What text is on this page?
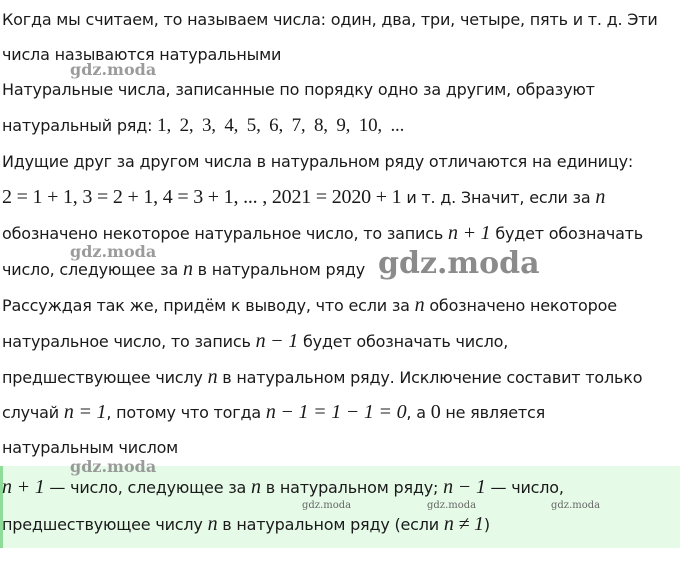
Когда мы считаем, то называем числа: один, два, три, четыре, пять и т. д. Эти
числа называются натуральными
Натуральные числа, записанные по порядку одно за другим, образуют
натуральный ряд: 1, 2, 3, 4, 5, 6, 7, 8, 9, 10, ...
Идущие друг за другом числа в натуральном ряду отличаются на единицу:
2 = 1 + 1, 3 = 2 + 1, 4 = 3 + 1, ... , 2021 = 2020 + 1 и т. д. Значит, если за n
обозначено некоторое натуральное число, то запись n + 1 будет обозначать
число, следующее за n в натуральном ряду
Рассуждая так же, придём к выводу, что если за n обозначено некоторое
натуральное число, то запись n − 1 будет обозначать число,
предшествующее числу n в натуральном ряду. Исключение составит только
случай n = 1, потому что тогда n − 1 = 1 − 1 = 0, а 0 не является
натуральным числом
n + 1 — число, следующее за n в натуральном ряду; n − 1 — число,
предшествующее числу n в натуральном ряду (если n ≠ 1)
gdz.moda
gdz.moda	gdz.moda
gdz.moda
gdz.moda	gdz.moda	gdz.moda
